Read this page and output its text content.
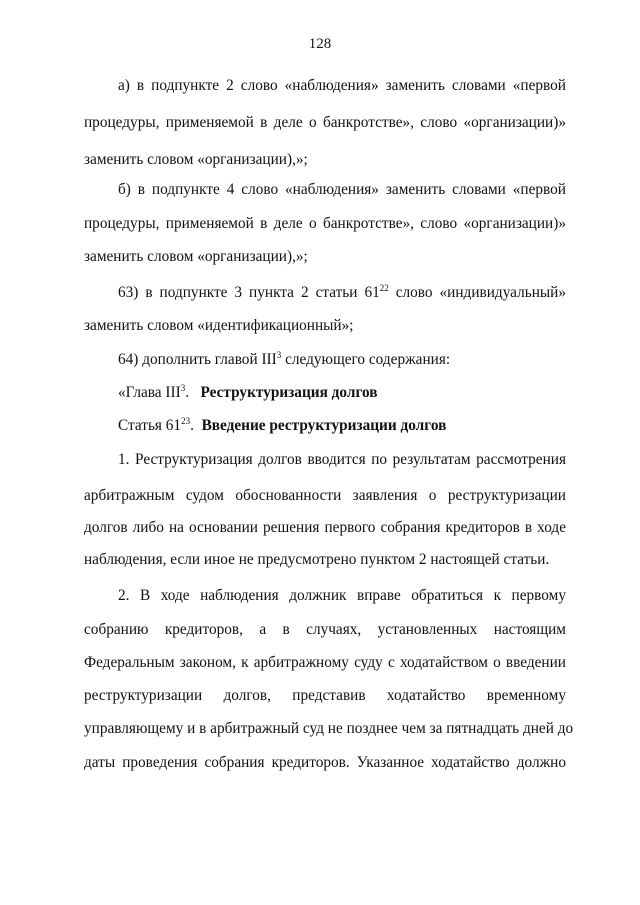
128
а) в подпункте 2 слово «наблюдения» заменить словами «первой
процедуры, применяемой в деле о банкротстве», слово «организации)»
заменить словом «организации),»;
б) в подпункте 4 слово «наблюдения» заменить словами «первой
процедуры, применяемой в деле о банкротстве», слово «организации)»
заменить словом «организации),»;
63) в подпункте 3 пункта 2 статьи $61^{22}$ слово «индивидуальный»
заменить словом «идентификационный»;
64) дополнить главой III$^3$ следующего содержания:
«Глава III$^3$. Реструктуризация долгов
Статья $61^{23}$. Введение реструктуризации долгов
1. Реструктуризация долгов вводится по результатам рассмотрения
арбитражным судом обоснованности заявления о реструктуризации
долгов либо на основании решения первого собрания кредиторов в ходе
наблюдения, если иное не предусмотрено пунктом 2 настоящей статьи.
2. В ходе наблюдения должник вправе обратиться к первому
собранию кредиторов, а в случаях, установленных настоящим
Федеральным законом, к арбитражному суду с ходатайством о введении
реструктуризации долгов, представив ходатайство временному
управляющему и в арбитражный суд не позднее чем за пятнадцать дней до
даты проведения собрания кредиторов. Указанное ходатайство должно
